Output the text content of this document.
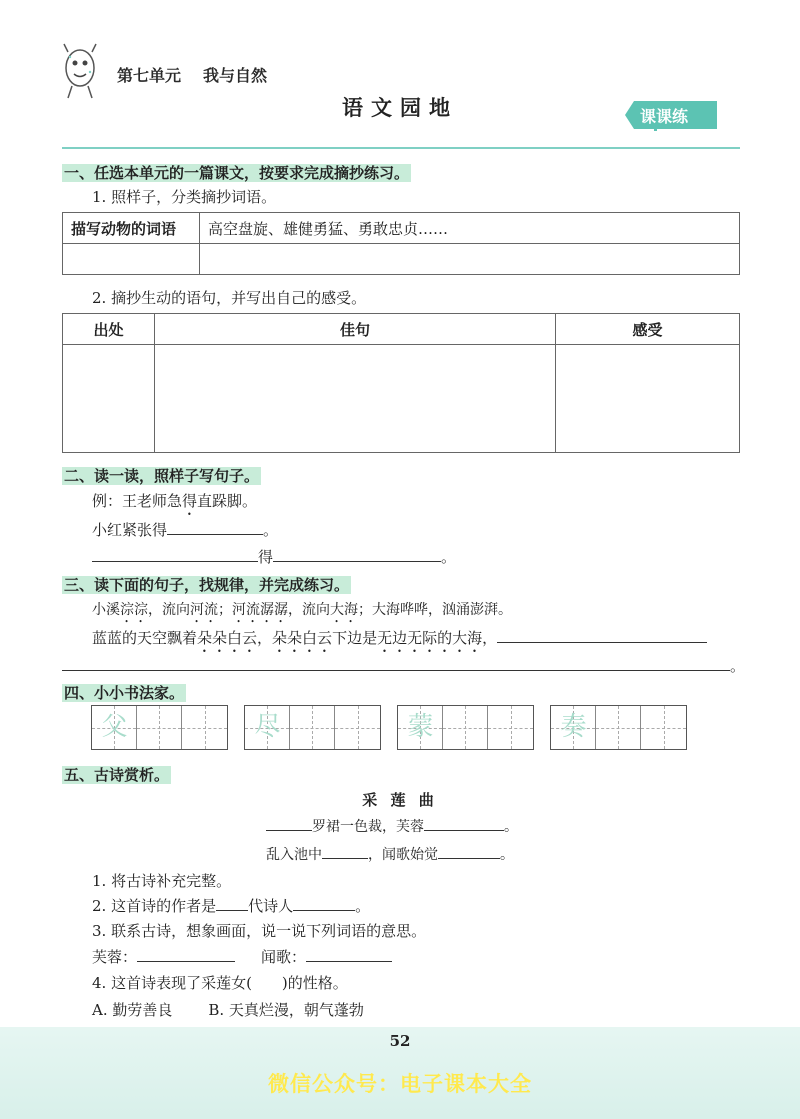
第七单元 我与自然
语文园地	课课练
一、任选本单元的一篇课文，按要求完成摘抄练习。
1. 照样子，分类摘抄词语。
描写动物的词语	高空盘旋、雄健勇猛、勇敢忠贞……

2. 摘抄生动的语句，并写出自己的感受。
出处	佳句	感受

二、读一读，照样子写句子。
例：王老师急得直跺脚。
小红紧张得	。
得	。
三、读下面的句子，找规律，并完成练习。
小溪淙淙，流向河流；河流潺潺，流向大海；大海哗哗，汹涌澎湃。
蓝蓝的天空飘着朵朵白云，朵朵白云下边是无边无际的大海，
。
四、小小书法家。
父	尽	蒙	奏
五、古诗赏析。
采 莲 曲
罗裙一色裁，芙蓉	。
乱入池中	，闻歌始觉	。
1. 将古诗补充完整。
2. 这首诗的作者是 代诗人	。
3. 联系古诗，想象画面，说一说下列词语的意思。
芙蓉：	闻歌：
4. 这首诗表现了采莲女(　　)的性格。
A. 勤劳善良 B. 天真烂漫，朝气蓬勃
52
微信公众号：电子课本大全
